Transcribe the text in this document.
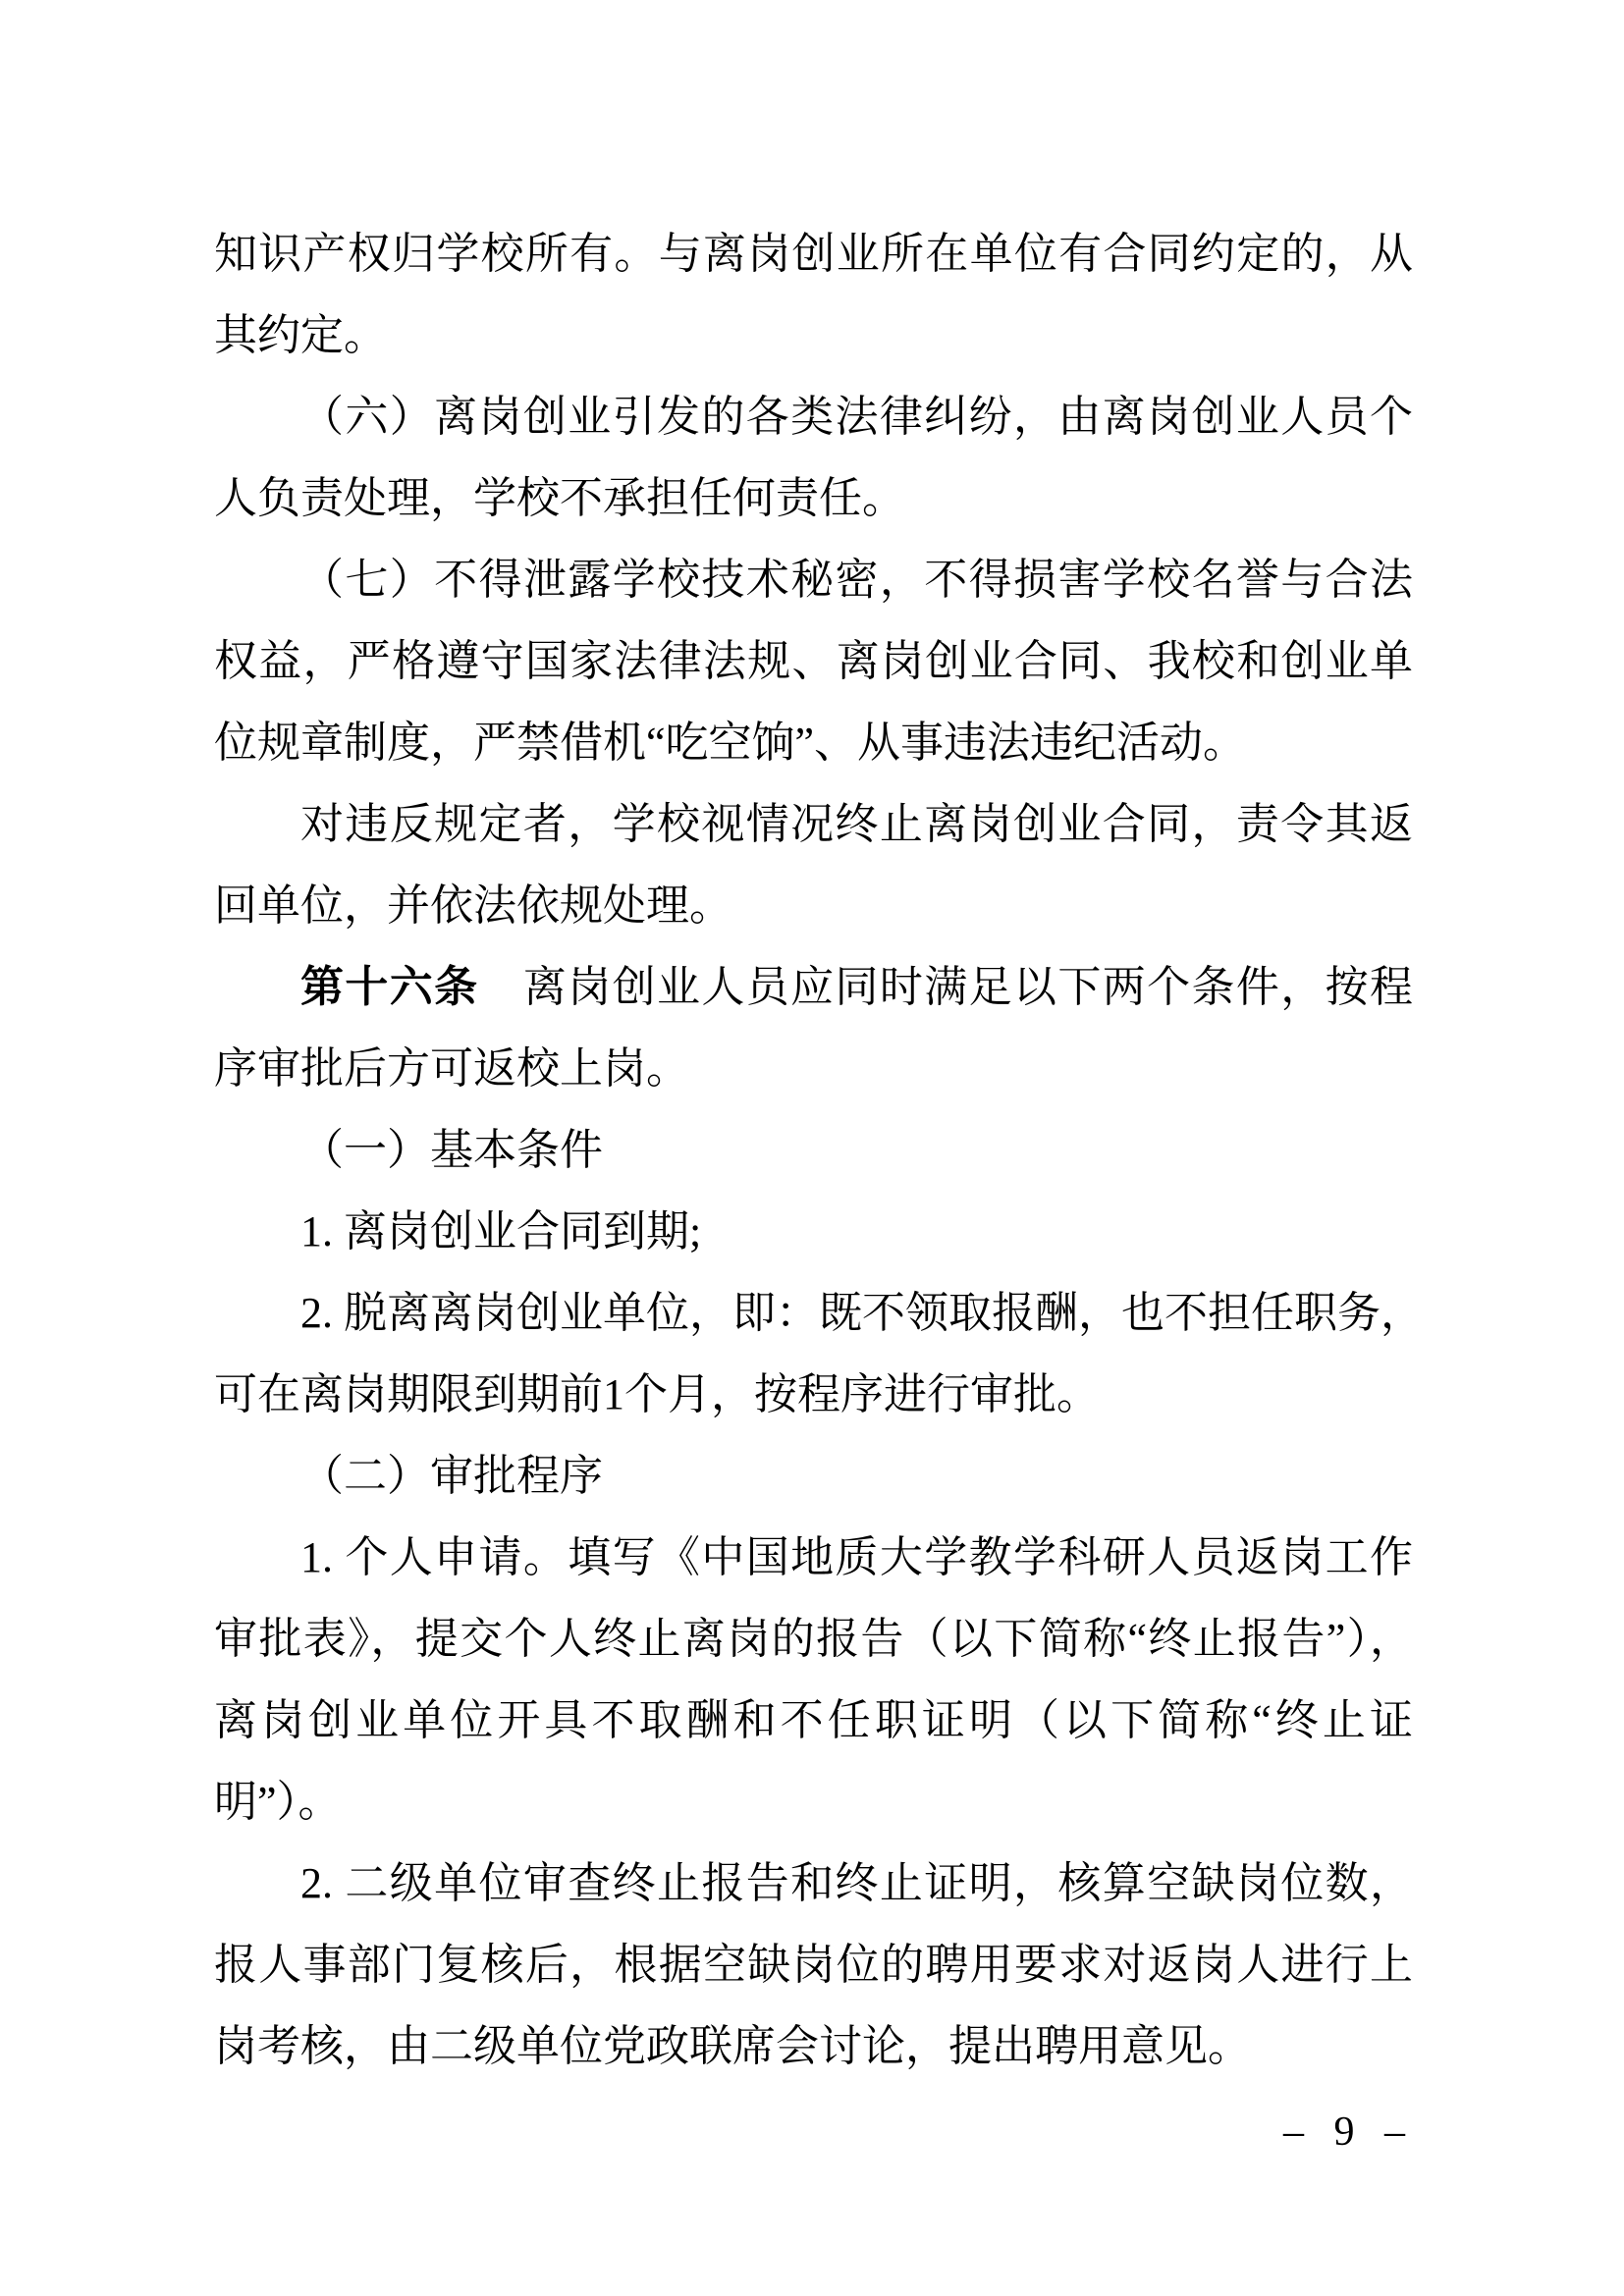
知识产权归学校所有。与离岗创业所在单位有合同约定的，从
其约定。
（六）离岗创业引发的各类法律纠纷，由离岗创业人员个
人负责处理，学校不承担任何责任。
（七）不得泄露学校技术秘密，不得损害学校名誉与合法
权益，严格遵守国家法律法规、离岗创业合同、我校和创业单
位规章制度，严禁借机“吃空饷”、从事违法违纪活动。
对违反规定者，学校视情况终止离岗创业合同，责令其返
回单位，并依法依规处理。
第十六条　离岗创业人员应同时满足以下两个条件，按程
序审批后方可返校上岗。
（一）基本条件
1. 离岗创业合同到期;
2. 脱离离岗创业单位，即：既不领取报酬，也不担任职务，
可在离岗期限到期前1个月，按程序进行审批。
（二）审批程序
1. 个人申请。填写《中国地质大学教学科研人员返岗工作
审批表》，提交个人终止离岗的报告（以下简称“终止报告”），
离岗创业单位开具不取酬和不任职证明（以下简称“终止证
明”）。
2. 二级单位审查终止报告和终止证明，核算空缺岗位数，
报人事部门复核后，根据空缺岗位的聘用要求对返岗人进行上
岗考核，由二级单位党政联席会讨论，提出聘用意见。
– 9 –
